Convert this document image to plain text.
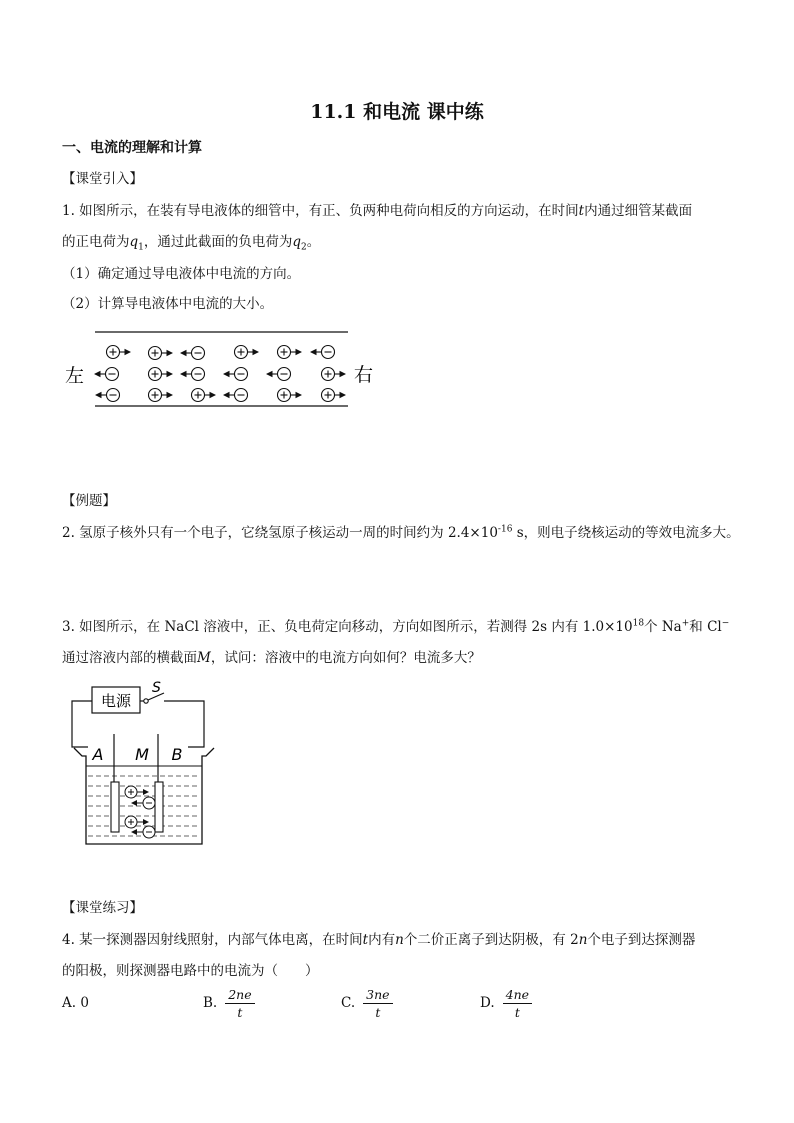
11.1 和电流 课中练
一、电流的理解和计算
【课堂引入】
1. 如图所示，在装有导电液体的细管中，有正、负两种电荷向相反的方向运动，在时间t内通过细管某截面
的正电荷为$q_1$，通过此截面的负电荷为$q_2$。
（1）确定通过导电液体中电流的方向。
（2）计算导电液体中电流的大小。
左	右
【例题】
2. 氢原子核外只有一个电子，它绕氢原子核运动一周的时间约为 $2.4\times 10^{-16}$ s，则电子绕核运动的等效电流多大。
3. 如图所示，在 NaCl 溶液中，正、负电荷定向移动，方向如图所示，若测得 2s 内有 $1.0\times 10^{18}$个 Na+和 Cl−
通过溶液内部的横截面M，试问：溶液中的电流方向如何？电流多大？
电源
S
A M B
【课堂练习】
4. 某一探测器因射线照射，内部气体电离，在时间t内有n个二价正离子到达阴极，有 2n个电子到达探测器
的阳极，则探测器电路中的电流为（　　）
A. 0	B. $\frac{2ne}{t}$	C. $\frac{3ne}{t}$	D. $\frac{4ne}{t}$
